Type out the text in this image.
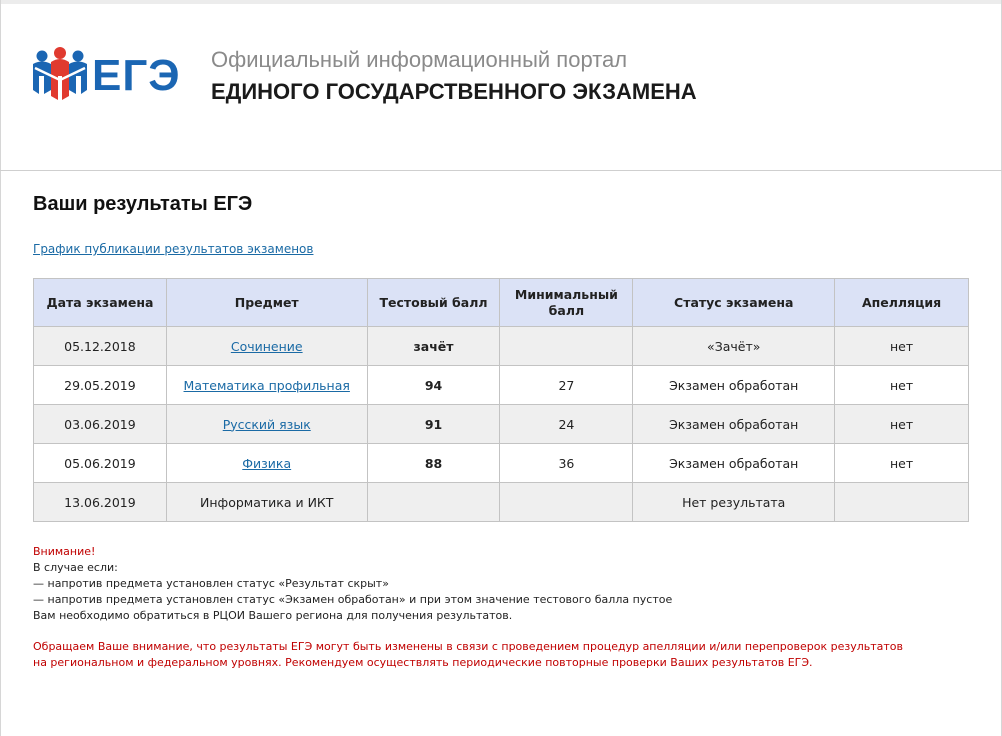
ЕГЭ Официальный информационный портал
ЕДИНОГО ГОСУДАРСТВЕННОГО ЭКЗАМЕНА
Ваши результаты ЕГЭ
График публикации результатов экзаменов
Дата экзамена	Предмет	Тестовый балл	Минимальный балл	Статус экзамена	Апелляция
05.12.2018	Сочинение	зачёт		«Зачёт»	нет
29.05.2019	Математика профильная	94	27	Экзамен обработан	нет
03.06.2019	Русский язык	91	24	Экзамен обработан	нет
05.06.2019	Физика	88	36	Экзамен обработан	нет
13.06.2019	Информатика и ИКТ			Нет результата	
Внимание!
В случае если:
— напротив предмета установлен статус «Результат скрыт»
— напротив предмета установлен статус «Экзамен обработан» и при этом значение тестового балла пустое
Вам необходимо обратиться в РЦОИ Вашего региона для получения результатов.
Обращаем Ваше внимание, что результаты ЕГЭ могут быть изменены в связи с проведением процедур апелляции и/или перепроверок результатов
на региональном и федеральном уровнях. Рекомендуем осуществлять периодические повторные проверки Ваших результатов ЕГЭ.
